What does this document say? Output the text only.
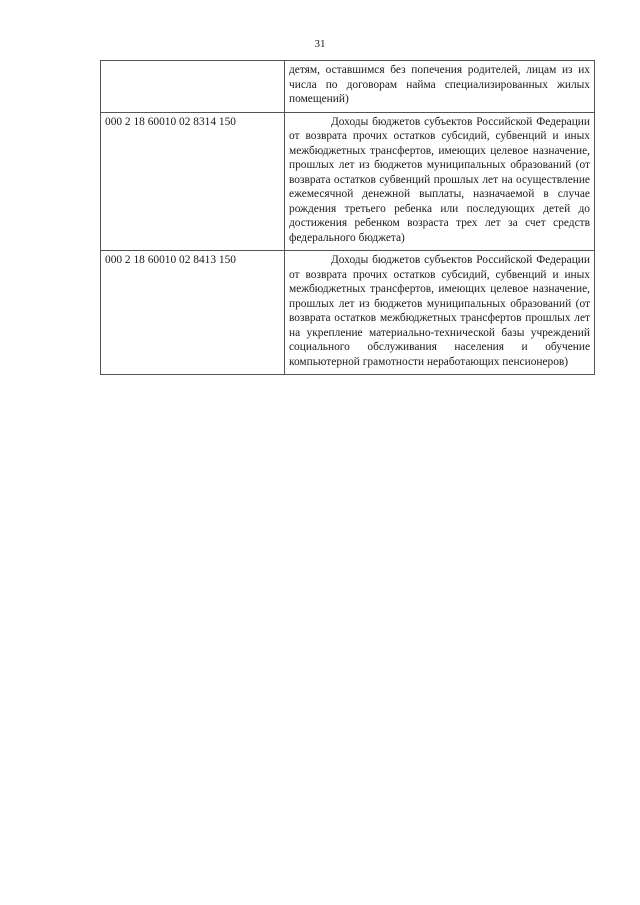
31
	детям, оставшимся без попечения родителей, лицам из их числа по договорам найма специализированных жилых помещений)
000 2 18 60010 02 8314 150	Доходы бюджетов субъектов Российской Федерации от возврата прочих остатков субсидий, субвенций и иных межбюджетных трансфертов, имеющих целевое назначение, прошлых лет из бюджетов муниципальных образований (от возврата остатков субвенций прошлых лет на осуществление ежемесячной денежной выплаты, назначаемой в случае рождения третьего ребенка или последующих детей до достижения ребенком возраста трех лет за счет средств федерального бюджета)
000 2 18 60010 02 8413 150	Доходы бюджетов субъектов Российской Федерации от возврата прочих остатков субсидий, субвенций и иных межбюджетных трансфертов, имеющих целевое назначение, прошлых лет из бюджетов муниципальных образований (от возврата остатков межбюджетных трансфертов прошлых лет на укрепление материально-технической базы учреждений социального обслуживания населения и обучение компьютерной грамотности неработающих пенсионеров)
